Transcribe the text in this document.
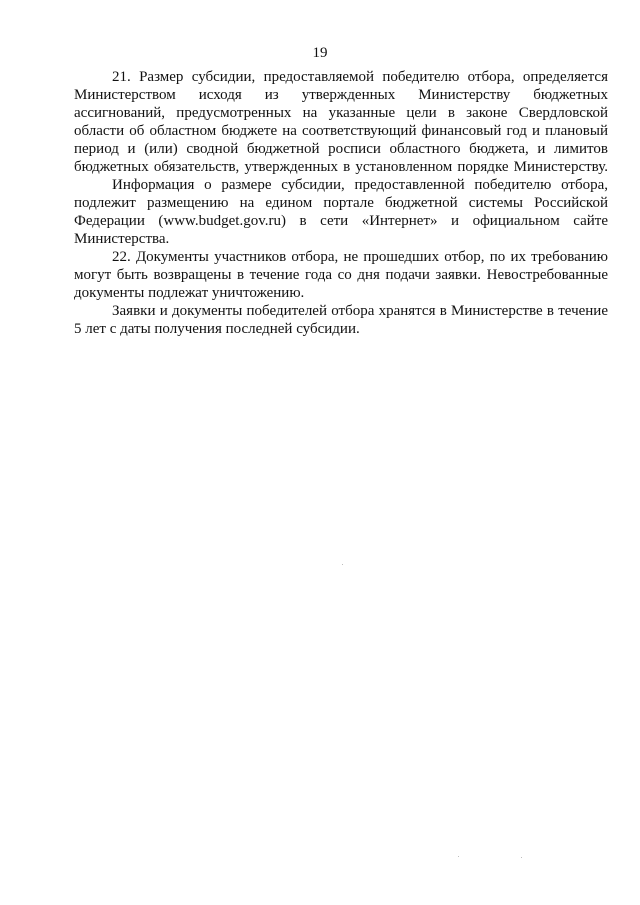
19

21. Размер субсидии, предоставляемой победителю отбора, определяется
Министерством исходя из утвержденных Министерству бюджетных
ассигнований, предусмотренных на указанные цели в законе Свердловской
области об областном бюджете на соответствующий финансовый год и плановый
период и (или) сводной бюджетной росписи областного бюджета, и лимитов
бюджетных обязательств, утвержденных в установленном порядке Министерству.

Информация о размере субсидии, предоставленной победителю отбора,
подлежит размещению на едином портале бюджетной системы Российской
Федерации (www.budget.gov.ru) в сети «Интернет» и официальном сайте
Министерства.

22. Документы участников отбора, не прошедших отбор, по их требованию
могут быть возвращены в течение года со дня подачи заявки. Невостребованные
документы подлежат уничтожению.

Заявки и документы победителей отбора хранятся в Министерстве в течение
5 лет с даты получения последней субсидии.
